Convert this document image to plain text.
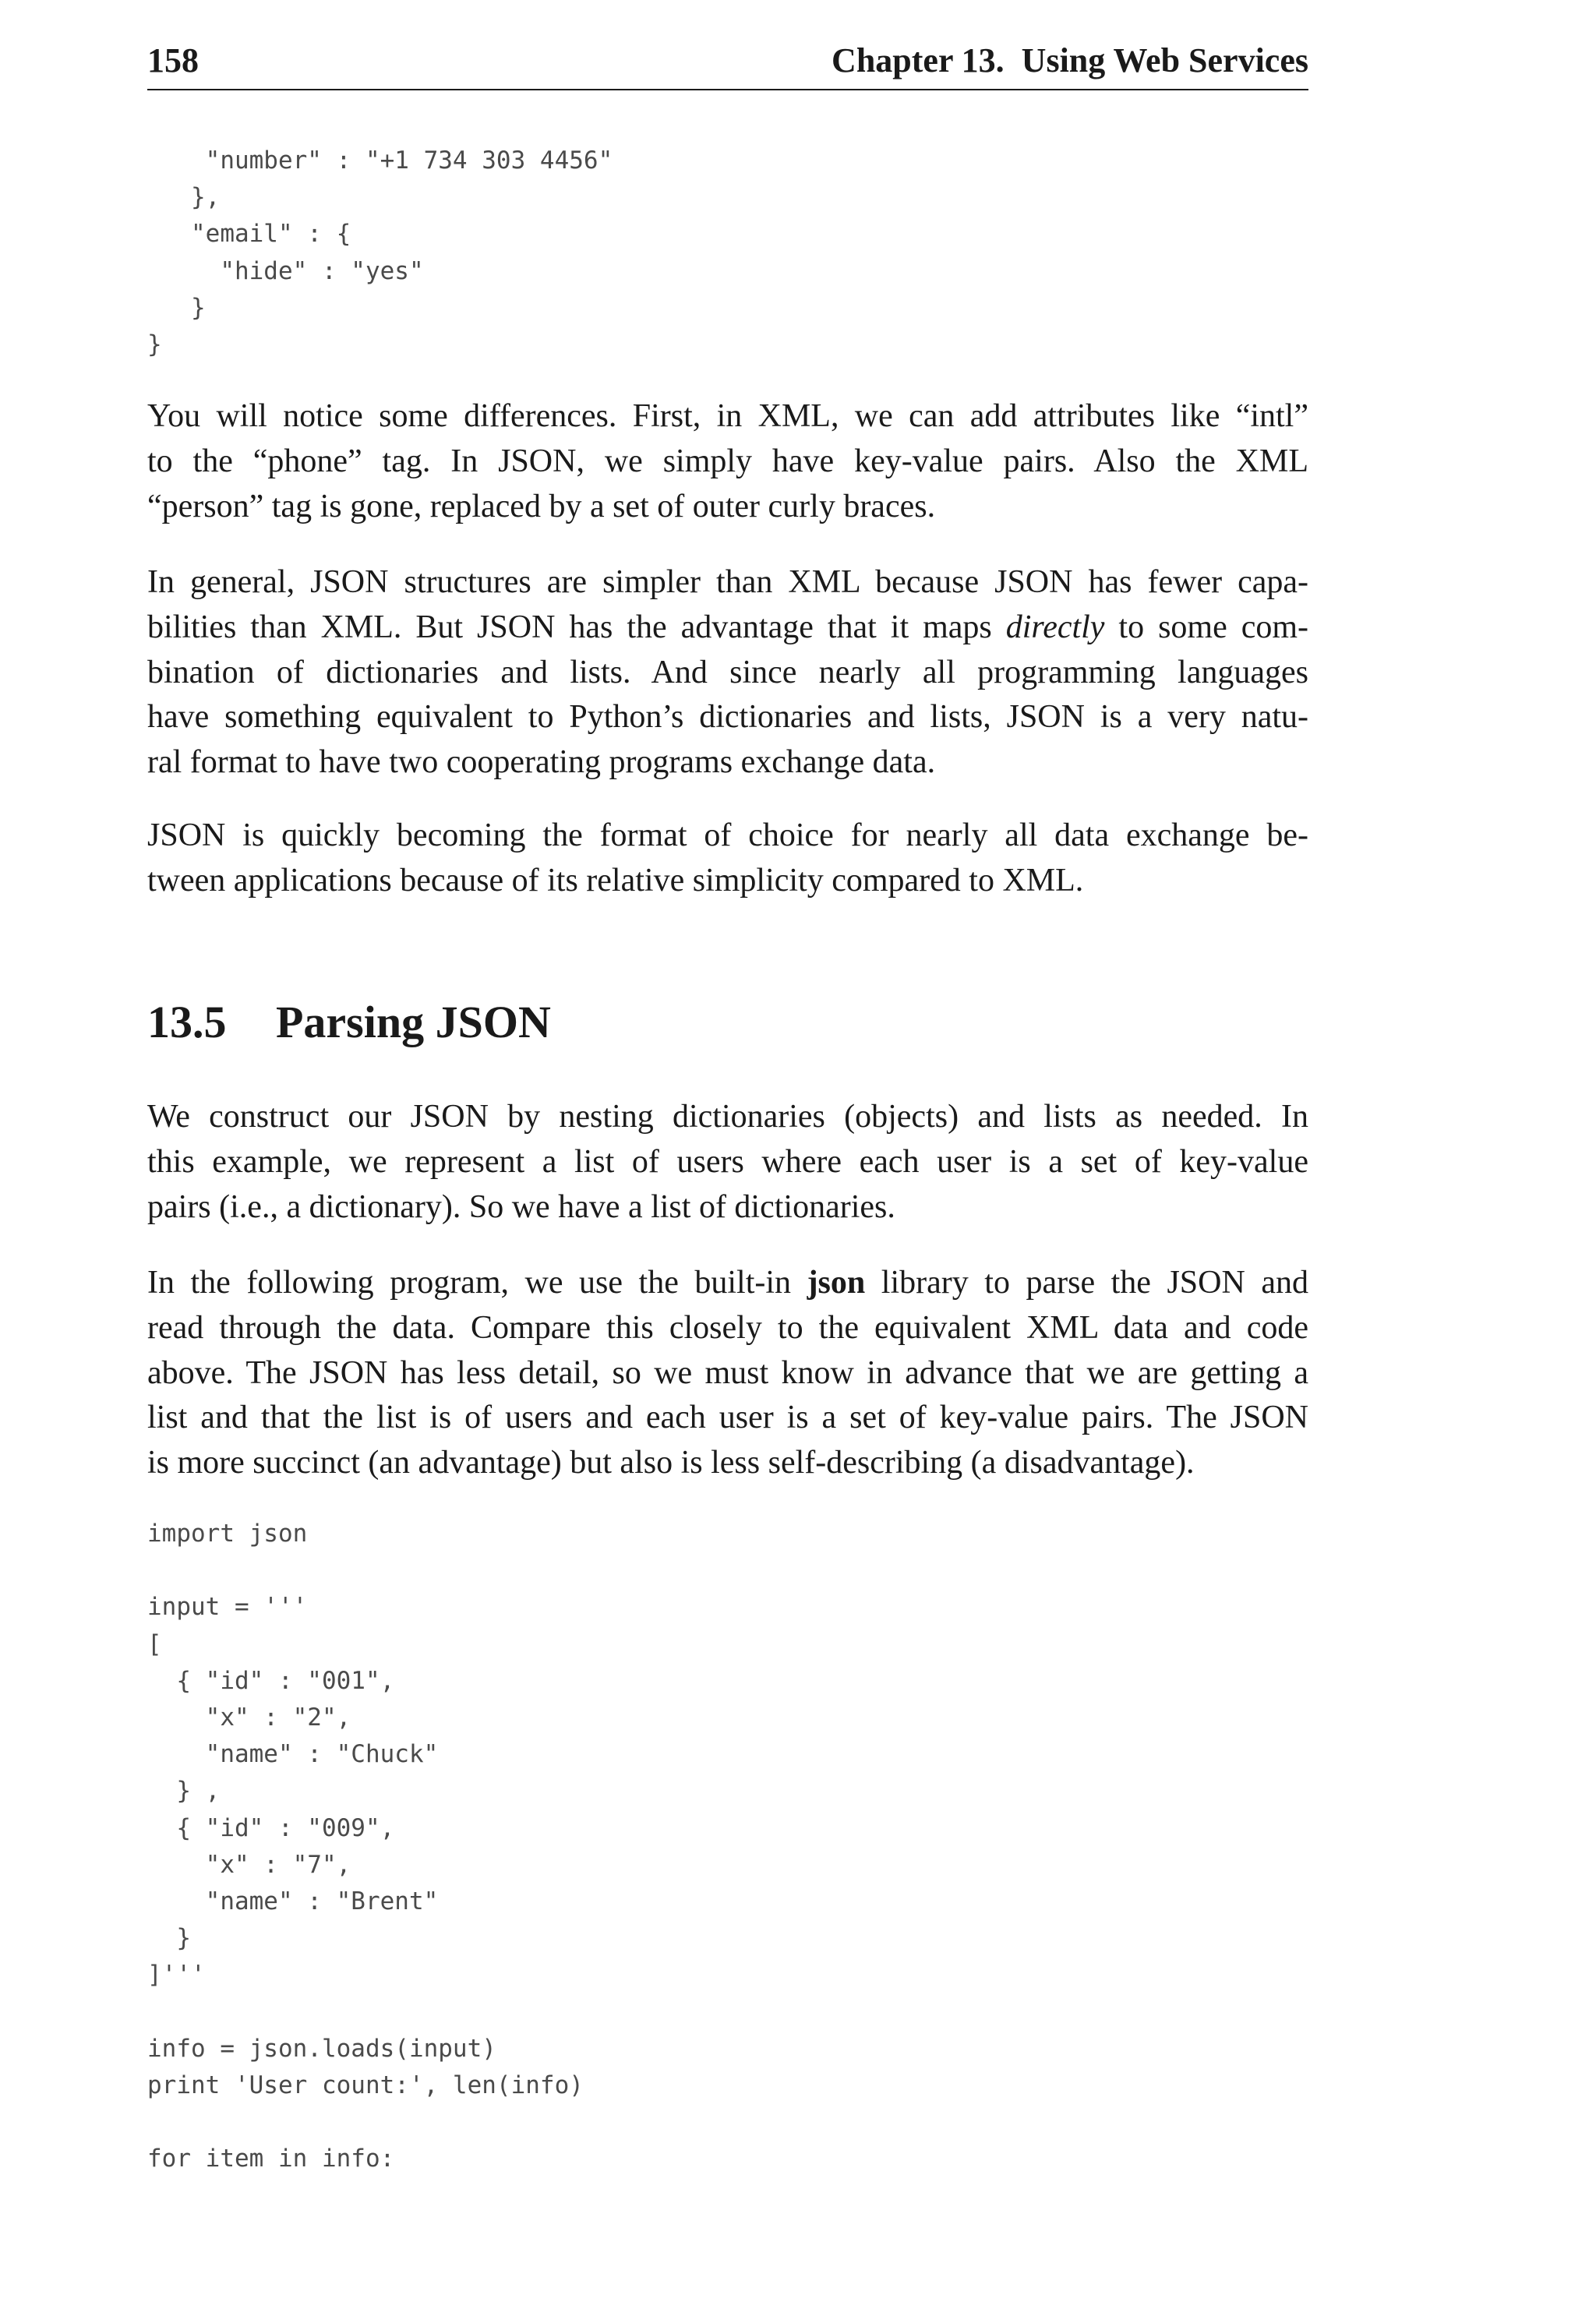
158	Chapter 13.  Using Web Services
"number" : "+1 734 303 4456"
},
"email" : {
"hide" : "yes"
}
}

You will notice some differences. First, in XML, we can add attributes like “intl”
to the “phone” tag. In JSON, we simply have key-value pairs. Also the XML
“person” tag is gone, replaced by a set of outer curly braces.

In general, JSON structures are simpler than XML because JSON has fewer capa-
bilities than XML. But JSON has the advantage that it maps directly to some com-
bination of dictionaries and lists. And since nearly all programming languages
have something equivalent to Python’s dictionaries and lists, JSON is a very natu-
ral format to have two cooperating programs exchange data.

JSON is quickly becoming the format of choice for nearly all data exchange be-
tween applications because of its relative simplicity compared to XML.

13.5 Parsing JSON

We construct our JSON by nesting dictionaries (objects) and lists as needed. In
this example, we represent a list of users where each user is a set of key-value
pairs (i.e., a dictionary). So we have a list of dictionaries.

In the following program, we use the built-in json library to parse the JSON and
read through the data. Compare this closely to the equivalent XML data and code
above. The JSON has less detail, so we must know in advance that we are getting a
list and that the list is of users and each user is a set of key-value pairs. The JSON
is more succinct (an advantage) but also is less self-describing (a disadvantage).

import json

input = '''
[
{ "id" : "001",
"x" : "2",
"name" : "Chuck"
} ,
{ "id" : "009",
"x" : "7",
"name" : "Brent"
}
]'''

info = json.loads(input)
print 'User count:', len(info)

for item in info:
